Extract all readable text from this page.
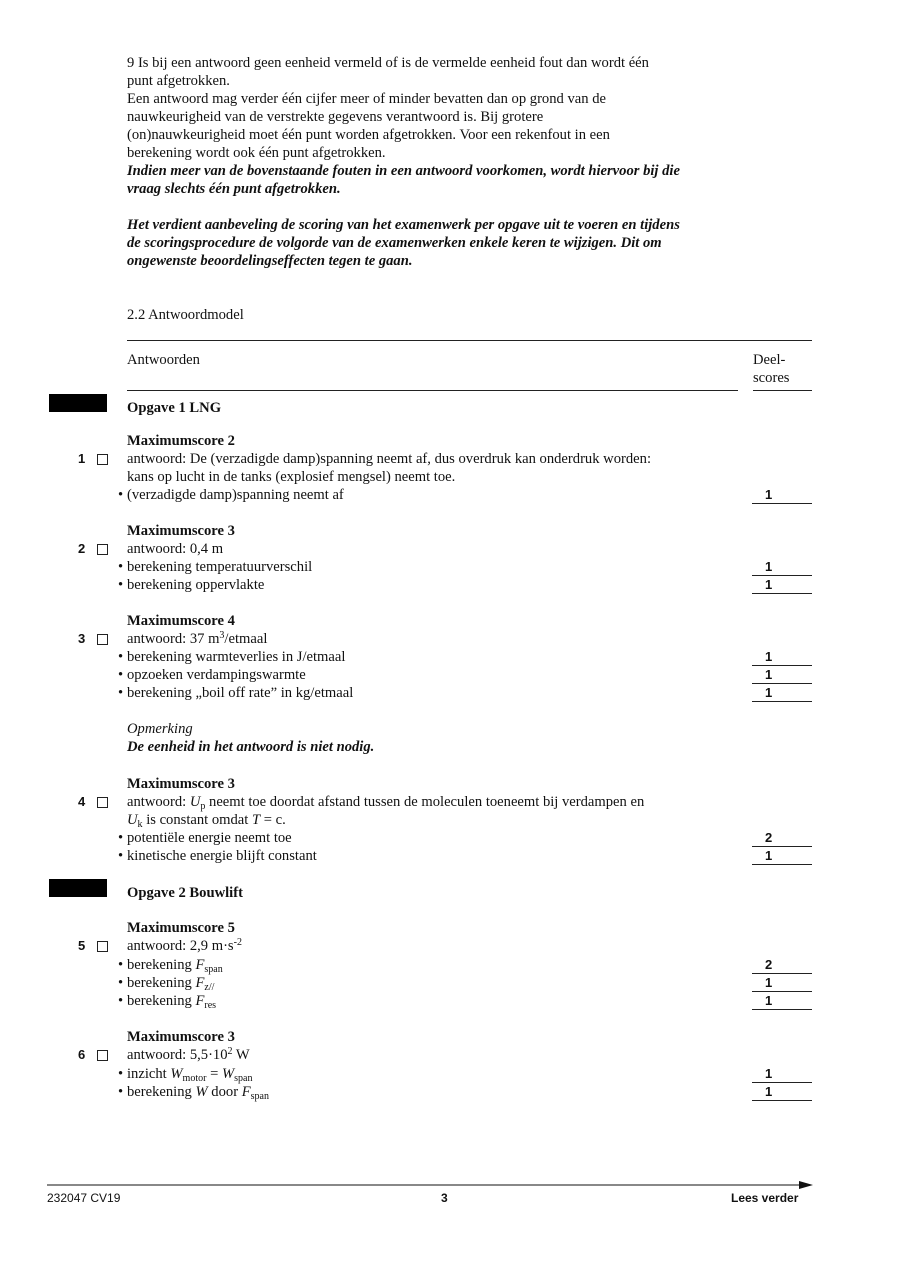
9 Is bij een antwoord geen eenheid vermeld of is de vermelde eenheid fout dan wordt één
punt afgetrokken.
Een antwoord mag verder één cijfer meer of minder bevatten dan op grond van de
nauwkeurigheid van de verstrekte gegevens verantwoord is. Bij grotere
(on)nauwkeurigheid moet één punt worden afgetrokken. Voor een rekenfout in een
berekening wordt ook één punt afgetrokken.
Indien meer van de bovenstaande fouten in een antwoord voorkomen, wordt hiervoor bij die
vraag slechts één punt afgetrokken.
Het verdient aanbeveling de scoring van het examenwerk per opgave uit te voeren en tijdens
de scoringsprocedure de volgorde van de examenwerken enkele keren te wijzigen. Dit om
ongewenste beoordelingseffecten tegen te gaan.
2.2 Antwoordmodel
Antwoorden	Deel-
scores
Opgave 1 LNG
Maximumscore 2
1	antwoord: De (verzadigde damp)spanning neemt af, dus overdruk kan onderdruk worden:
kans op lucht in de tanks (explosief mengsel) neemt toe.
• (verzadigde damp)spanning neemt af	1
Maximumscore 3
2	antwoord: 0,4 m
• berekening temperatuurverschil	1
• berekening oppervlakte	1
Maximumscore 4
3	antwoord: 37 $m^3$/etmaal
• berekening warmteverlies in J/etmaal	1
• opzoeken verdampingswarmte	1
• berekening „boil off rate” in kg/etmaal	1
Opmerking
De eenheid in het antwoord is niet nodig.
Maximumscore 3
4	antwoord: $U_p$ neemt toe doordat afstand tussen de moleculen toeneemt bij verdampen en
$U_k$ is constant omdat T = c.
• potentiële energie neemt toe	2
• kinetische energie blijft constant	1
Opgave 2 Bouwlift
Maximumscore 5
5	antwoord: 2,9 $m\cdot s^{-2}$
• berekening $F_{span}$	2
• berekening $F_{z//}$	1
• berekening $F_{res}$	1
Maximumscore 3
6	antwoord: $5,5\cdot 10^2$ W
• inzicht $W_{motor} = W_{span}$	1
• berekening W door $F_{span}$	1
232047 CV19	3	Lees verder
